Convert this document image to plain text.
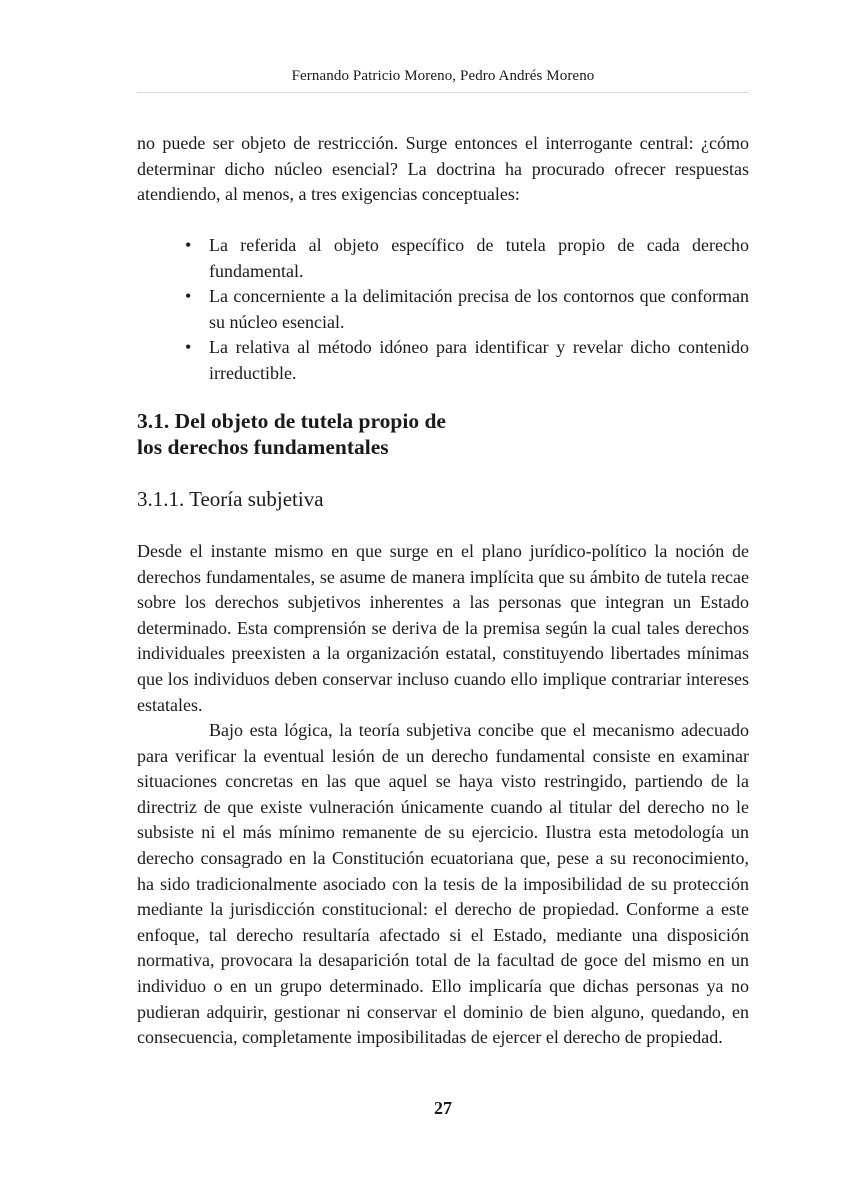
Fernando Patricio Moreno, Pedro Andrés Moreno

no puede ser objeto de restricción. Surge entonces el interrogante central: ¿cómo determinar dicho núcleo esencial? La doctrina ha procurado ofrecer respuestas atendiendo, al menos, a tres exigencias conceptuales:

• La referida al objeto específico de tutela propio de cada derecho fundamental.
• La concerniente a la delimitación precisa de los contornos que conforman su núcleo esencial.
• La relativa al método idóneo para identificar y revelar dicho contenido irreductible.
3.1. Del objeto de tutela propio de
los derechos fundamentales
3.1.1. Teoría subjetiva

Desde el instante mismo en que surge en el plano jurídico-político la noción de derechos fundamentales, se asume de manera implícita que su ámbito de tutela recae sobre los derechos subjetivos inherentes a las personas que integran un Estado determinado. Esta comprensión se deriva de la premisa según la cual tales derechos individuales preexisten a la organización estatal, constituyendo libertades mínimas que los individuos deben conservar incluso cuando ello implique contrariar intereses estatales.

Bajo esta lógica, la teoría subjetiva concibe que el mecanismo adecuado para verificar la eventual lesión de un derecho fundamental consiste en examinar situaciones concretas en las que aquel se haya visto restringido, partiendo de la directriz de que existe vulneración únicamente cuando al titular del derecho no le subsiste ni el más mínimo remanente de su ejercicio. Ilustra esta metodología un derecho consagrado en la Constitución ecuatoriana que, pese a su reconocimiento, ha sido tradicionalmente asociado con la tesis de la imposibilidad de su protección mediante la jurisdicción constitucional: el derecho de propiedad. Conforme a este enfoque, tal derecho resultaría afectado si el Estado, mediante una disposición normativa, provocara la desaparición total de la facultad de goce del mismo en un individuo o en un grupo determinado. Ello implicaría que dichas personas ya no pudieran adquirir, gestionar ni conservar el dominio de bien alguno, quedando, en consecuencia, completamente imposibilitadas de ejercer el derecho de propiedad.

27
